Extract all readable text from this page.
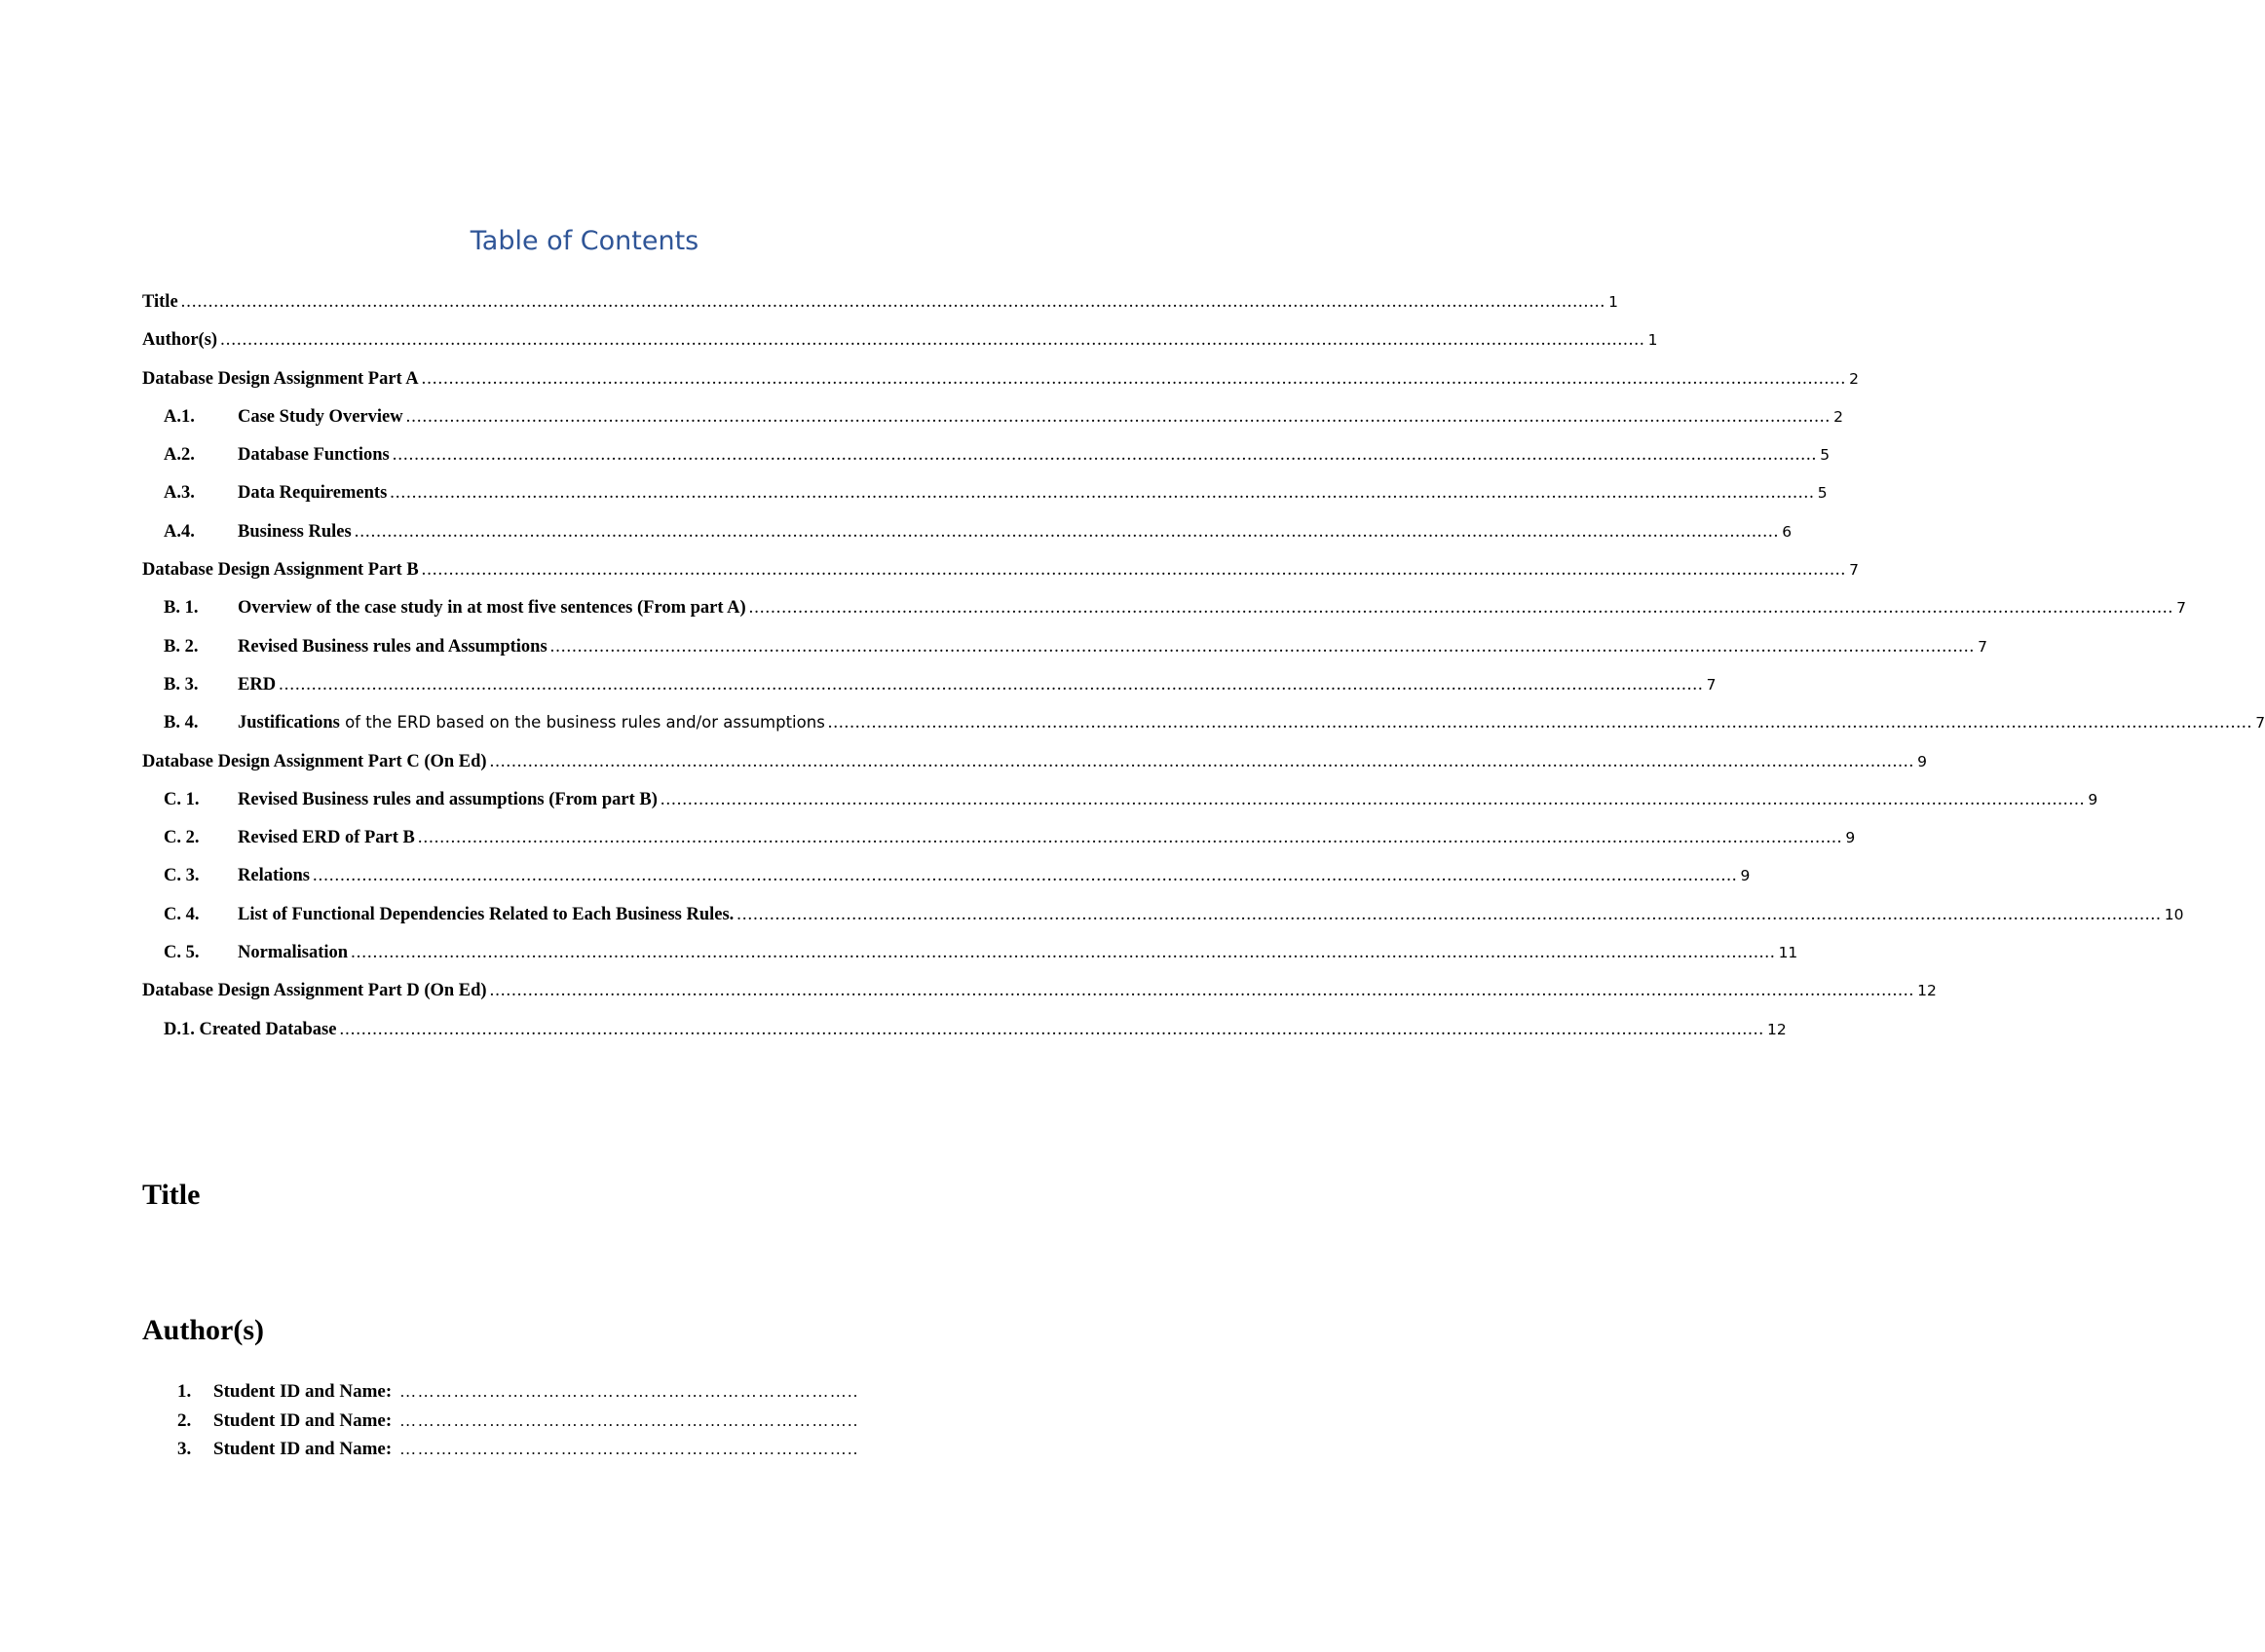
Table of Contents
Title .................................................................................................................................................................................................................................................................... 1
Author(s) .................................................................................................................................................................................................................................................................... 1
Database Design Assignment Part A .................................................................................................................................................................................................................................................................... 2
A.1.	Case Study Overview .................................................................................................................................................................................................................................................................... 2
A.2.	Database Functions .................................................................................................................................................................................................................................................................... 5
A.3.	Data Requirements .................................................................................................................................................................................................................................................................... 5
A.4.	Business Rules .................................................................................................................................................................................................................................................................... 6
Database Design Assignment Part B .................................................................................................................................................................................................................................................................... 7
B. 1.	Overview of the case study in at most five sentences (From part A) .................................................................................................................................................................................................................................................................... 7
B. 2.	Revised Business rules and Assumptions .................................................................................................................................................................................................................................................................... 7
B. 3.	ERD .................................................................................................................................................................................................................................................................... 7
B. 4.	Justifications of the ERD based on the business rules and/or assumptions .................................................................................................................................................................................................................................................................... 7
Database Design Assignment Part C (On Ed) .................................................................................................................................................................................................................................................................... 9
C. 1.	Revised Business rules and assumptions (From part B) .................................................................................................................................................................................................................................................................... 9
C. 2.	Revised ERD of Part B .................................................................................................................................................................................................................................................................... 9
C. 3.	Relations .................................................................................................................................................................................................................................................................... 9
C. 4.	List of Functional Dependencies Related to Each Business Rules. .................................................................................................................................................................................................................................................................... 10
C. 5.	Normalisation .................................................................................................................................................................................................................................................................... 11
Database Design Assignment Part D (On Ed) .................................................................................................................................................................................................................................................................... 12
D.1. Created Database .................................................................................................................................................................................................................................................................... 12
Title
Author(s)
1.	Student ID and Name: …………………………………………………………………..
2.	Student ID and Name: …………………………………………………………………..
3.	Student ID and Name: …………………………………………………………………..
